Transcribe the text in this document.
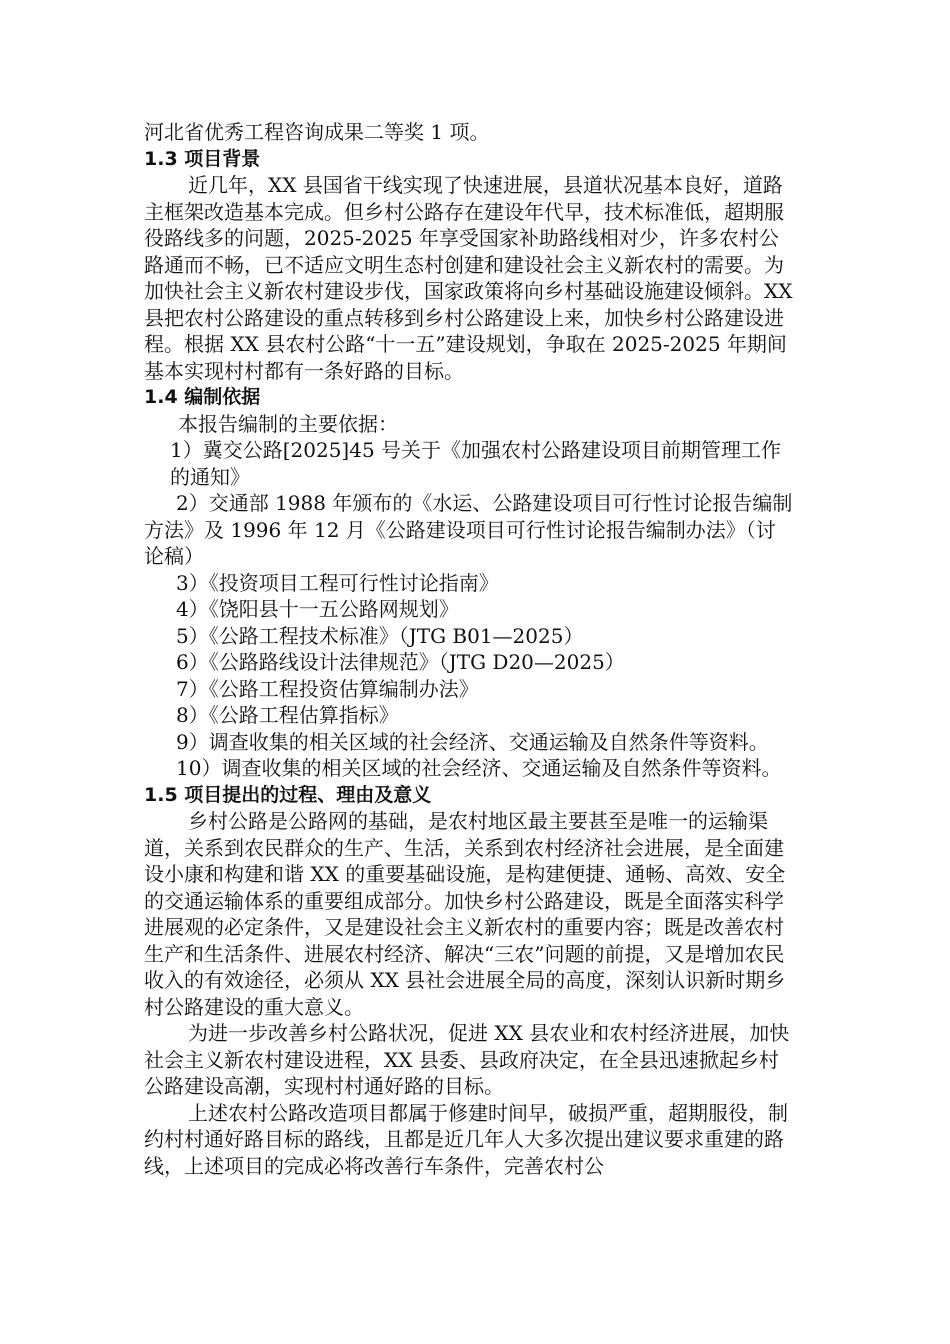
河北省优秀工程咨询成果二等奖 1 项。

1.3 项目背景

近几年，XX 县国省干线实现了快速进展，县道状况基本良好，道路主框架改造基本完成。但乡村公路存在建设年代早，技术标准低，超期服役路线多的问题，2025-2025 年享受国家补助路线相对少，许多农村公路通而不畅，已不适应文明生态村创建和建设社会主义新农村的需要。为加快社会主义新农村建设步伐，国家政策将向乡村基础设施建设倾斜。XX 县把农村公路建设的重点转移到乡村公路建设上来，加快乡村公路建设进程。根据 XX 县农村公路“十一五”建设规划，争取在 2025-2025 年期间基本实现村村都有一条好路的目标。

1.4 编制依据

本报告编制的主要依据：

1）冀交公路[2025]45 号关于《加强农村公路建设项目前期管理工作的通知》

2）交通部 1988 年颁布的《水运、公路建设项目可行性讨论报告编制方法》及 1996 年 12 月《公路建设项目可行性讨论报告编制办法》（讨论稿）

3）《投资项目工程可行性讨论指南》

4）《饶阳县十一五公路网规划》

5）《公路工程技术标准》（JTG B01—2025）

6）《公路路线设计法律规范》（JTG D20—2025）

7）《公路工程投资估算编制办法》

8）《公路工程估算指标》

9）调查收集的相关区域的社会经济、交通运输及自然条件等资料。

10）调查收集的相关区域的社会经济、交通运输及自然条件等资料。

1.5 项目提出的过程、理由及意义

乡村公路是公路网的基础，是农村地区最主要甚至是唯一的运输渠道，关系到农民群众的生产、生活，关系到农村经济社会进展，是全面建设小康和构建和谐 XX 的重要基础设施，是构建便捷、通畅、高效、安全的交通运输体系的重要组成部分。加快乡村公路建设，既是全面落实科学进展观的必定条件，又是建设社会主义新农村的重要内容；既是改善农村生产和生活条件、进展农村经济、解决“三农”问题的前提，又是增加农民收入的有效途径，必须从 XX 县社会进展全局的高度，深刻认识新时期乡村公路建设的重大意义。

为进一步改善乡村公路状况，促进 XX 县农业和农村经济进展，加快社会主义新农村建设进程，XX 县委、县政府决定，在全县迅速掀起乡村公路建设高潮，实现村村通好路的目标。

上述农村公路改造项目都属于修建时间早，破损严重，超期服役，制约村村通好路目标的路线，且都是近几年人大多次提出建议要求重建的路线，上述项目的完成必将改善行车条件，完善农村公
